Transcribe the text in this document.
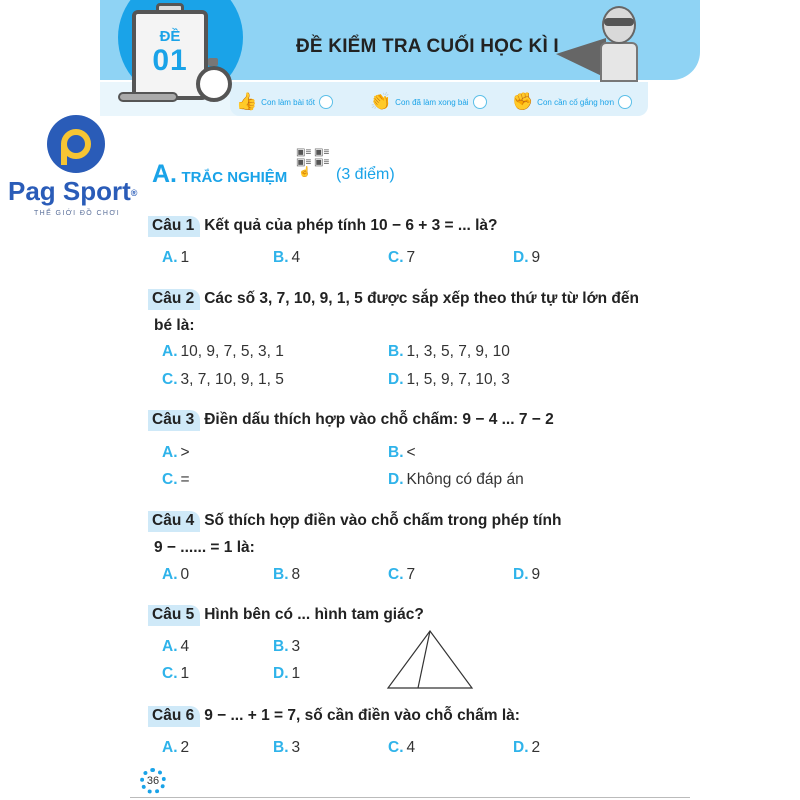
ĐỀ
01	ĐỀ KIỂM TRA CUỐI HỌC KÌ I
👍 Con làm bài tốt	👏 Con đã làm xong bài	✊ Con cần cố gắng hơn
Pag Sport®
THẾ GIỚI ĐỒ CHƠI
A. TRẮC NGHIỆM
▣≡ ▣≡
▣≡ ▣≡
☝	(3 điểm)
Câu 1 Kết quả của phép tính 10 − 6 + 3 = ... là?
A. 1	B. 4	C. 7	D. 9
Câu 2 Các số 3, 7, 10, 9, 1, 5 được sắp xếp theo thứ tự từ lớn đến
bé là:
A. 10, 9, 7, 5, 3, 1	B. 1, 3, 5, 7, 9, 10
C. 3, 7, 10, 9, 1, 5	D. 1, 5, 9, 7, 10, 3
Câu 3 Điền dấu thích hợp vào chỗ chấm: 9 − 4 ... 7 − 2
A. >	B. <
C. =	D. Không có đáp án
Câu 4 Số thích hợp điền vào chỗ chấm trong phép tính
9 − ...... = 1 là:
A. 0	B. 8	C. 7	D. 9
Câu 5 Hình bên có ... hình tam giác?
A. 4	B. 3
C. 1	D. 1
Câu 6 9 − ... + 1 = 7, số cần điền vào chỗ chấm là:
A. 2	B. 3	C. 4	D. 2
36
